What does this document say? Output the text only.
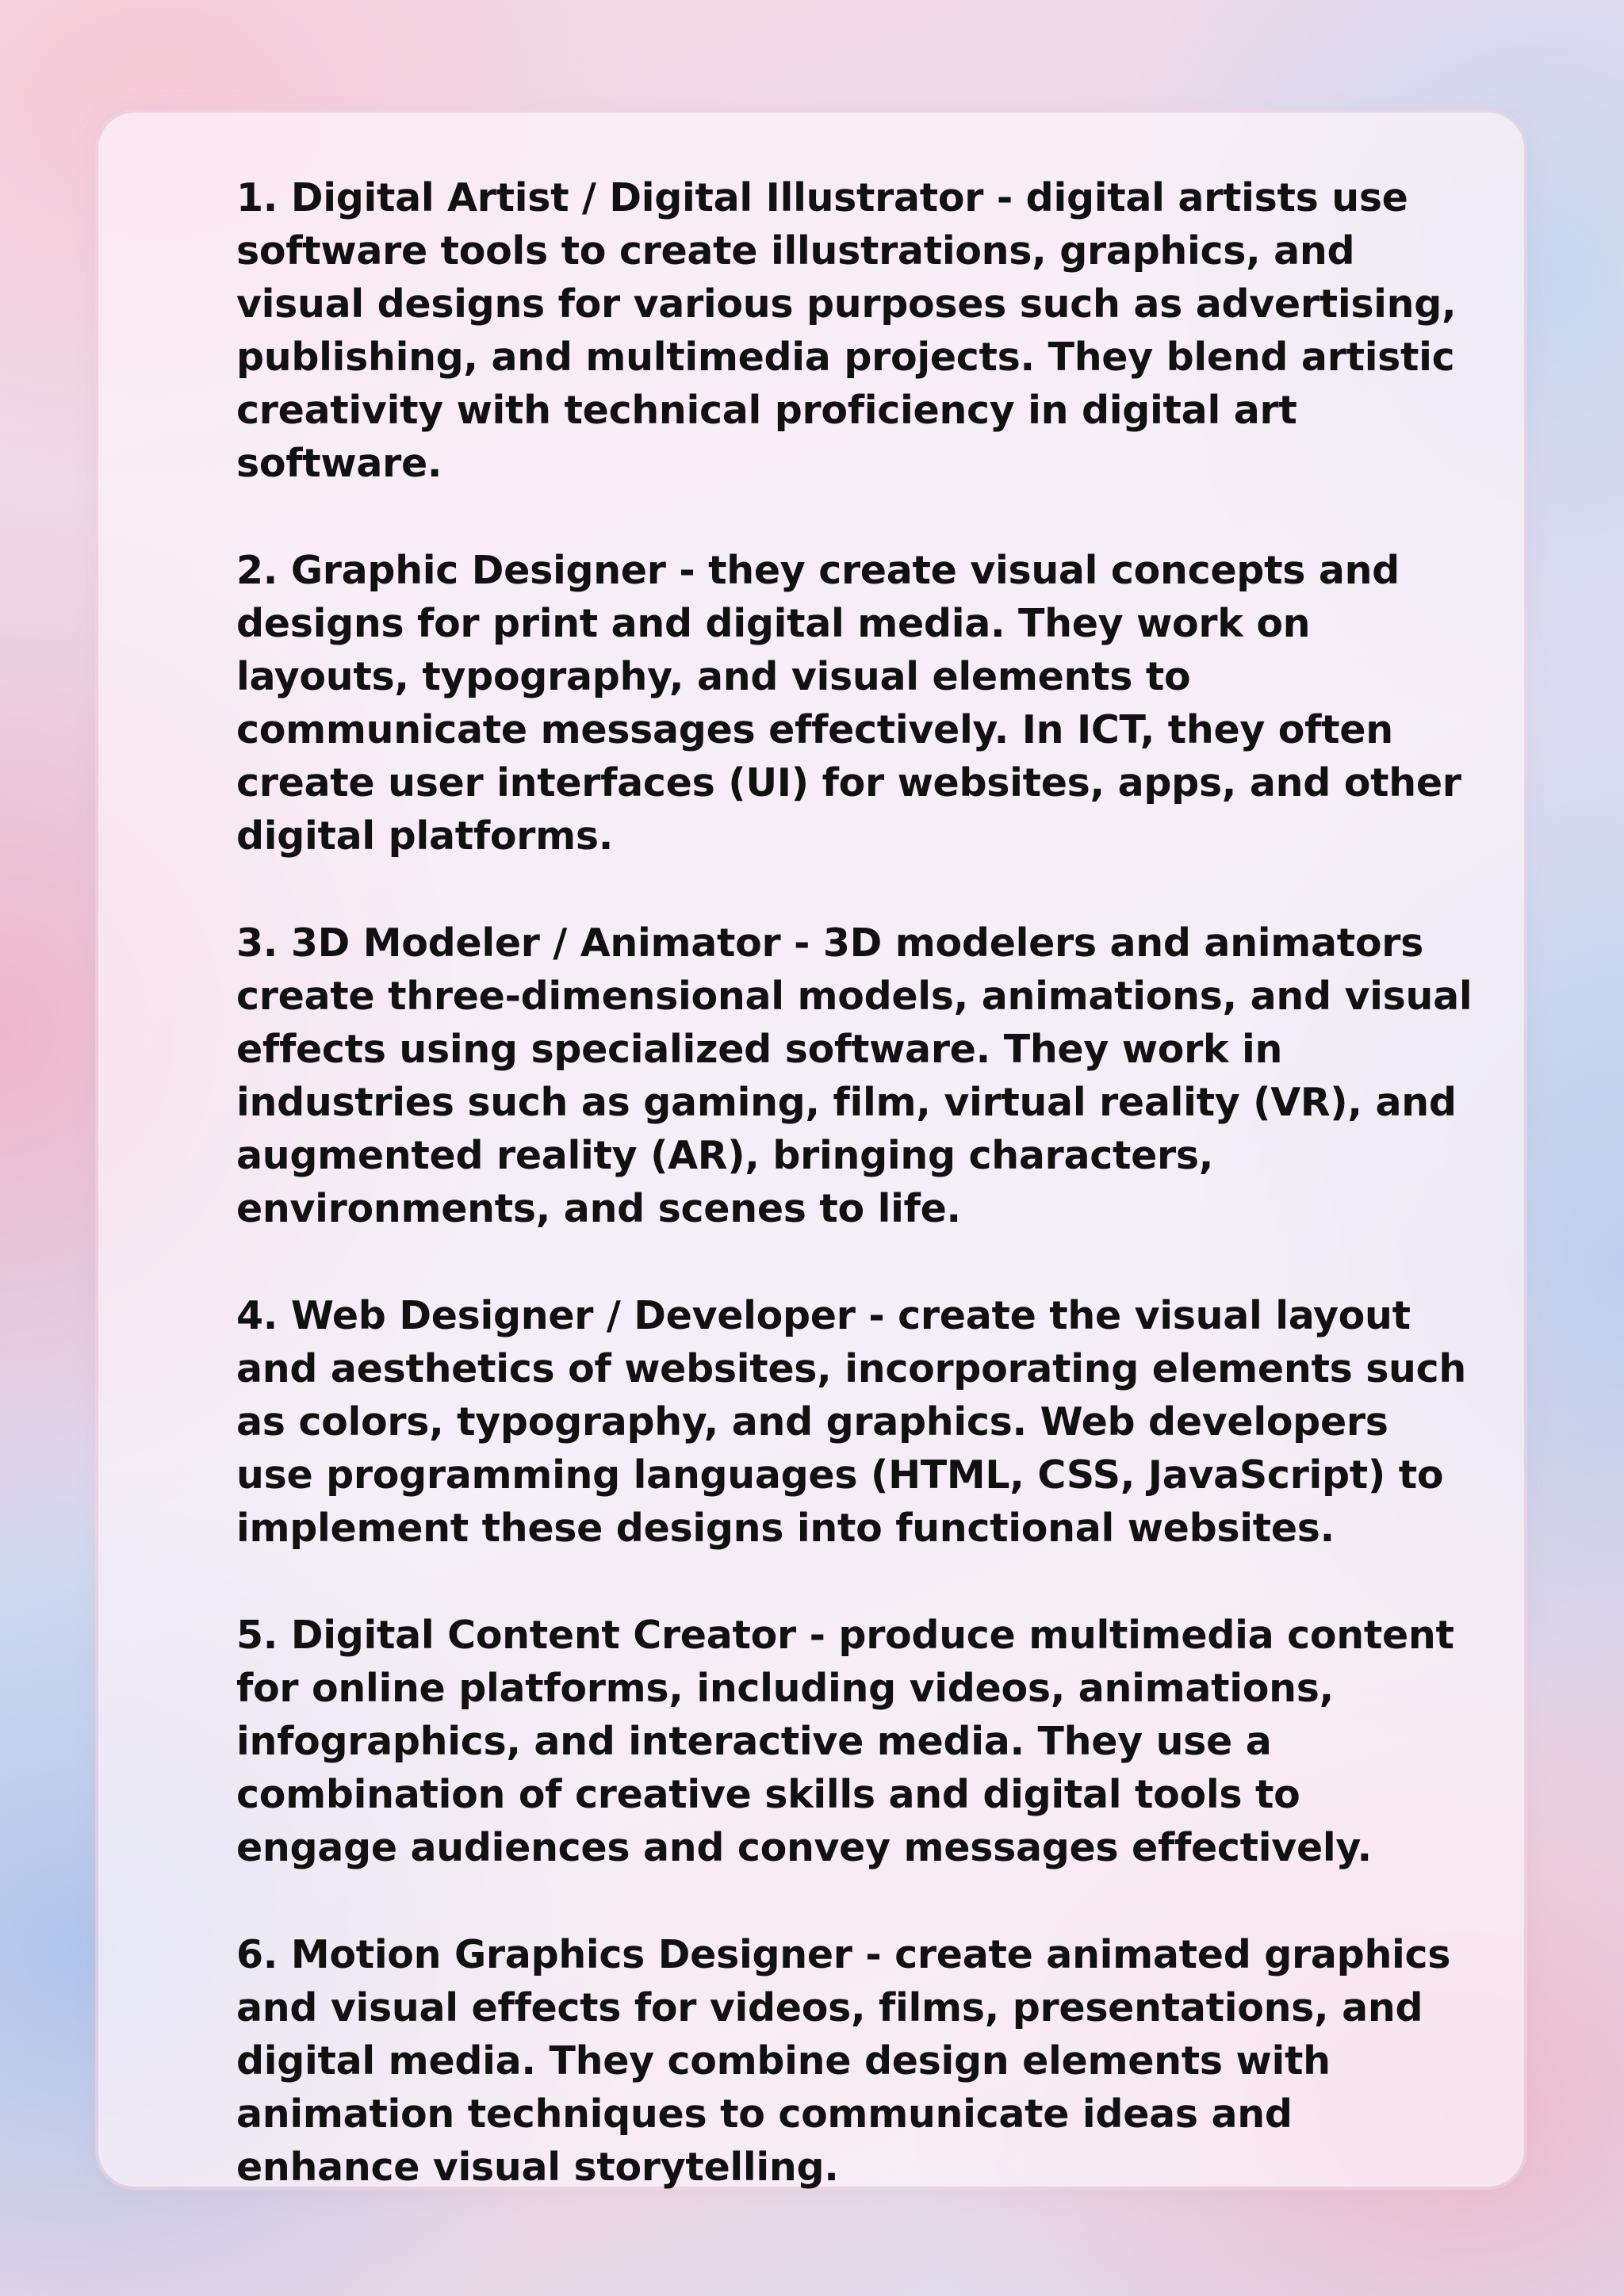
1. Digital Artist / Digital Illustrator - digital artists use software tools to create illustrations, graphics, and visual designs for various purposes such as advertising, publishing, and multimedia projects. They blend artistic creativity with technical proficiency in digital art software.

2. Graphic Designer - they create visual concepts and designs for print and digital media. They work on layouts, typography, and visual elements to communicate messages effectively. In ICT, they often create user interfaces (UI) for websites, apps, and other digital platforms.

3. 3D Modeler / Animator - 3D modelers and animators create three-dimensional models, animations, and visual effects using specialized software. They work in industries such as gaming, film, virtual reality (VR), and augmented reality (AR), bringing characters, environments, and scenes to life.

4. Web Designer / Developer - create the visual layout and aesthetics of websites, incorporating elements such as colors, typography, and graphics. Web developers use programming languages (HTML, CSS, JavaScript) to implement these designs into functional websites.

5. Digital Content Creator - produce multimedia content for online platforms, including videos, animations, infographics, and interactive media. They use a combination of creative skills and digital tools to engage audiences and convey messages effectively.

6. Motion Graphics Designer - create animated graphics and visual effects for videos, films, presentations, and digital media. They combine design elements with animation techniques to communicate ideas and enhance visual storytelling.
